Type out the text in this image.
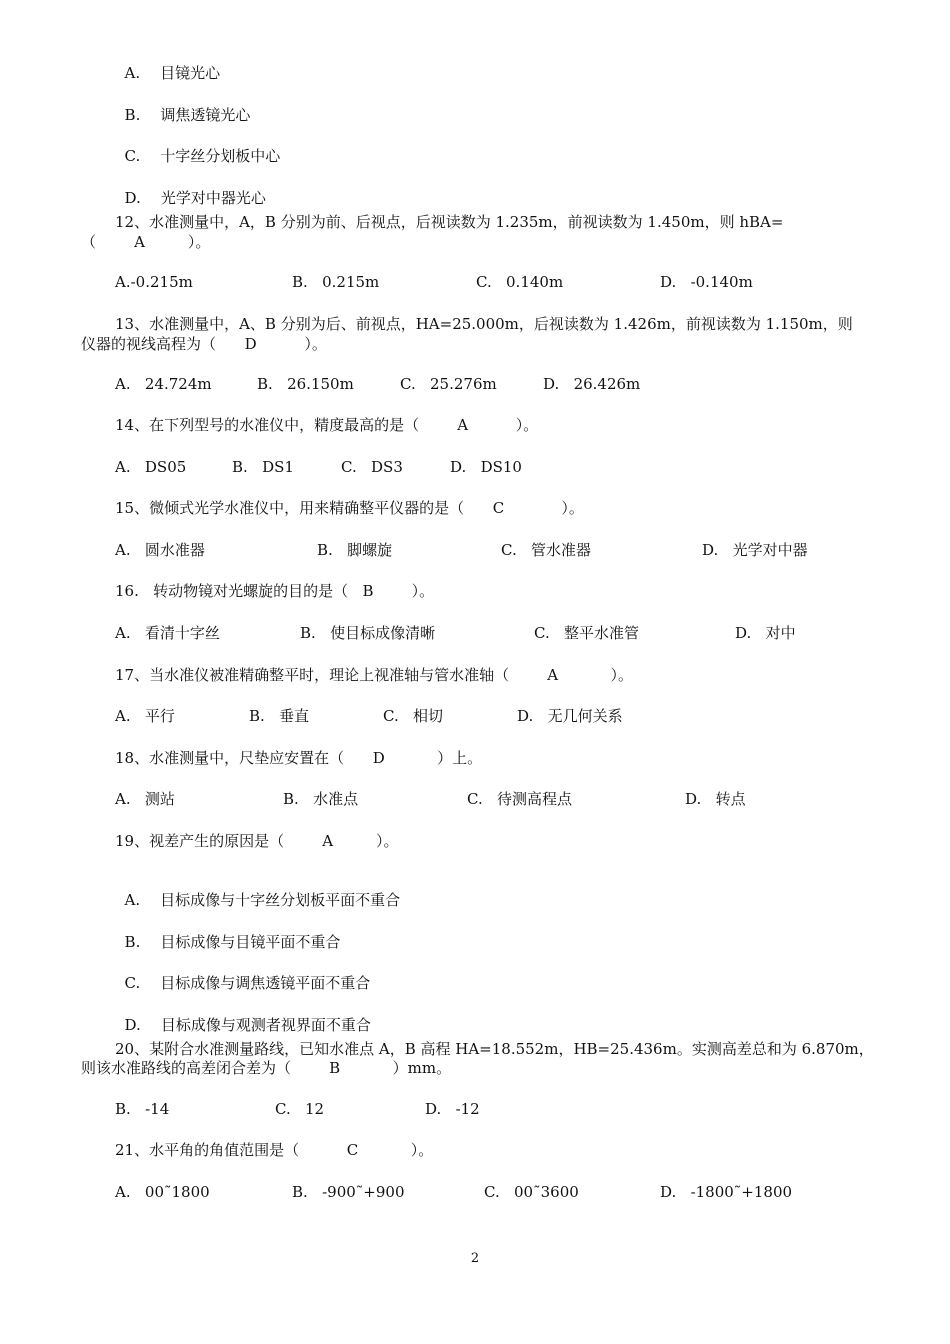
A. 目镜光心

B. 调焦透镜光心

C. 十字丝分划板中心

D. 光学对中器光心

12、水准测量中，A，B 分别为前、后视点，后视读数为 1.235m，前视读数为 1.450m，则 hBA=
（        A         ）。
A.-0.215m	B.   0.215m	C.   0.140m	D.   -0.140m
13、水准测量中，A、B 分别为后、前视点，HA=25.000m，后视读数为 1.426m，前视读数为 1.150m，则
仪器的视线高程为（      D          ）。
A.   24.724m	B.   26.150m	C.   25.276m	D.   26.426m
14、在下列型号的水准仪中，精度最高的是（        A          ）。
A.   DS05	B.   DS1	C.   DS3	D.   DS10
15、微倾式光学水准仪中，用来精确整平仪器的是（      C            ）。
A.   圆水准器	B.   脚螺旋	C.   管水准器	D.   光学对中器
16.   转动物镜对光螺旋的目的是（   B        ）。
A.   看清十字丝	B.   使目标成像清晰	C.   整平水准管	D.   对中
17、当水准仪被准精确整平时，理论上视准轴与管水准轴（        A           ）。
A.   平行	B.   垂直	C.   相切	D.   无几何关系
18、水准测量中，尺垫应安置在（      D           ）上。
A.   测站	B.   水准点	C.   待测高程点	D.   转点
19、视差产生的原因是（        A         ）。

A. 目标成像与十字丝分划板平面不重合

B. 目标成像与目镜平面不重合

C. 目标成像与调焦透镜平面不重合

D. 目标成像与观测者视界面不重合

20、某附合水准测量路线，已知水准点 A，B 高程 HA=18.552m，HB=25.436m。实测高差总和为 6.870m，
则该水准路线的高差闭合差为（        B           ）mm。
B.   -14	C.   12	D.   -12
21、水平角的角值范围是（          C           ）。
A.   00˜1800	B.   -900˜+900	C.   00˜3600	D.   -1800˜+1800
2
